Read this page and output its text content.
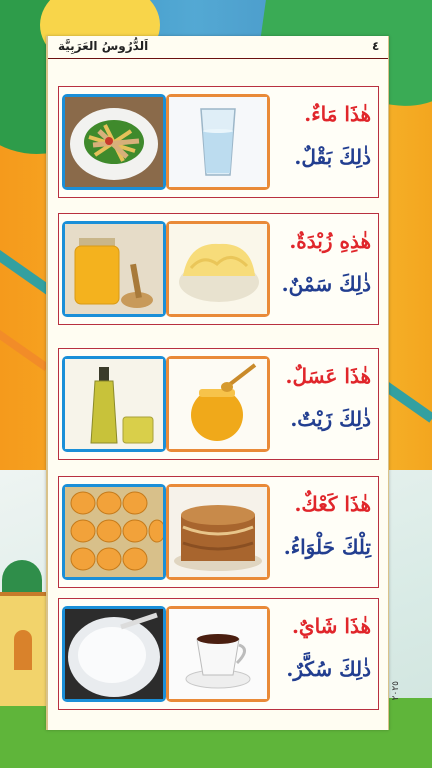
اَلدُّرُوسُ العَرَبِيَّة	٤
هٰذَا مَاءٌ.
ذٰلِكَ بَقْلٌ.
هٰذِهِ زُبْدَةٌ.
ذٰلِكَ سَمْنٌ.
هٰذَا عَسَلٌ.
ذٰلِكَ زَيْتٌ.
هٰذَا كَعْكٌ.
تِلْكَ حَلْوَاءُ.
هٰذَا شَايٌ.
ذٰلِكَ سُكَّرٌ.
٢٠٢٥
